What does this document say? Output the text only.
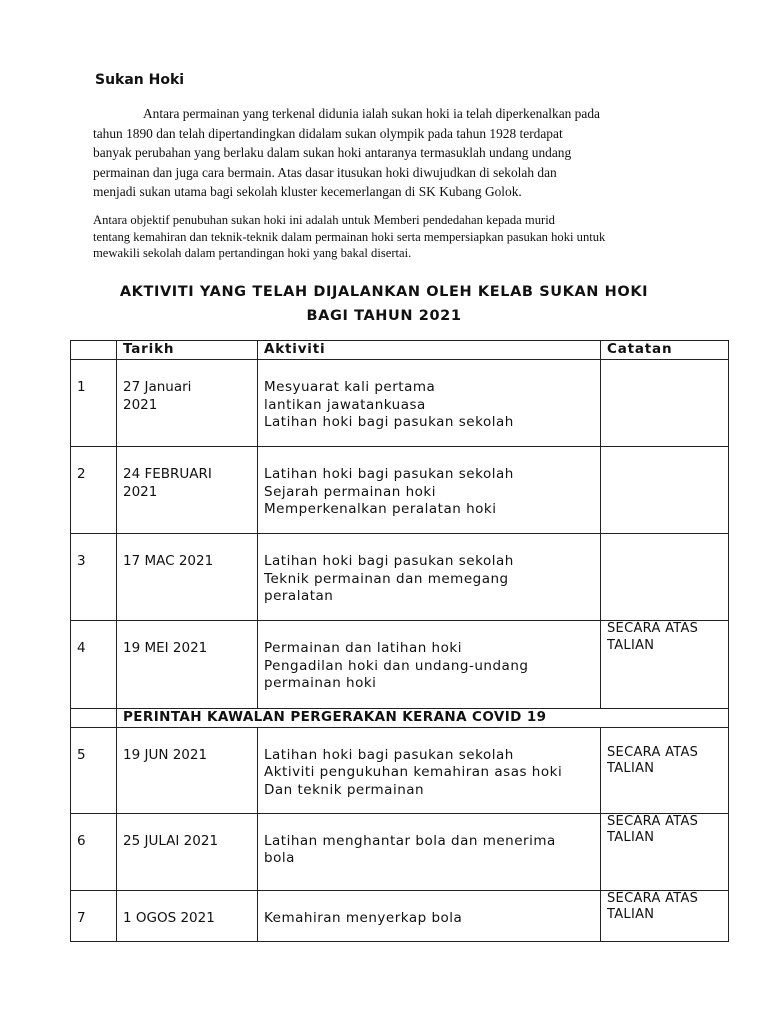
Sukan Hoki
Antara permainan yang terkenal didunia ialah sukan hoki ia telah diperkenalkan pada
tahun 1890 dan telah dipertandingkan didalam sukan olympik pada tahun 1928 terdapat
banyak perubahan yang berlaku dalam sukan hoki antaranya termasuklah undang undang
permainan dan juga cara bermain. Atas dasar itusukan hoki diwujudkan di sekolah dan
menjadi sukan utama bagi sekolah kluster kecemerlangan di SK Kubang Golok.
Antara objektif penubuhan sukan hoki ini adalah untuk Memberi pendedahan kepada murid
tentang kemahiran dan teknik-teknik dalam permainan hoki serta mempersiapkan pasukan hoki untuk
mewakili sekolah dalam pertandingan hoki yang bakal disertai.
AKTIVITI YANG TELAH DIJALANKAN OLEH KELAB SUKAN HOKI
BAGI TAHUN 2021
	Tarikh	Aktiviti	Catatan

1	27 Januari
2021	Mesyuarat kali pertama
lantikan jawatankuasa
Latihan hoki bagi pasukan sekolah	

2	24 FEBRUARI
2021	Latihan hoki bagi pasukan sekolah
Sejarah permainan hoki
Memperkenalkan peralatan hoki	

3	17 MAC 2021	Latihan hoki bagi pasukan sekolah
Teknik permainan dan memegang
peralatan	

4	19 MEI 2021	Permainan dan latihan hoki
Pengadilan hoki dan undang-undang
permainan hoki	SECARA ATAS
TALIAN

	PERINTAH KAWALAN PERGERAKAN KERANA COVID 19		

5	19 JUN 2021	Latihan hoki bagi pasukan sekolah
Aktiviti pengukuhan kemahiran asas hoki
Dan teknik permainan	SECARA ATAS
TALIAN

6	25 JULAI 2021	Latihan menghantar bola dan menerima
bola	SECARA ATAS
TALIAN

7	1 OGOS 2021	Kemahiran menyerkap bola	SECARA ATAS
TALIAN
